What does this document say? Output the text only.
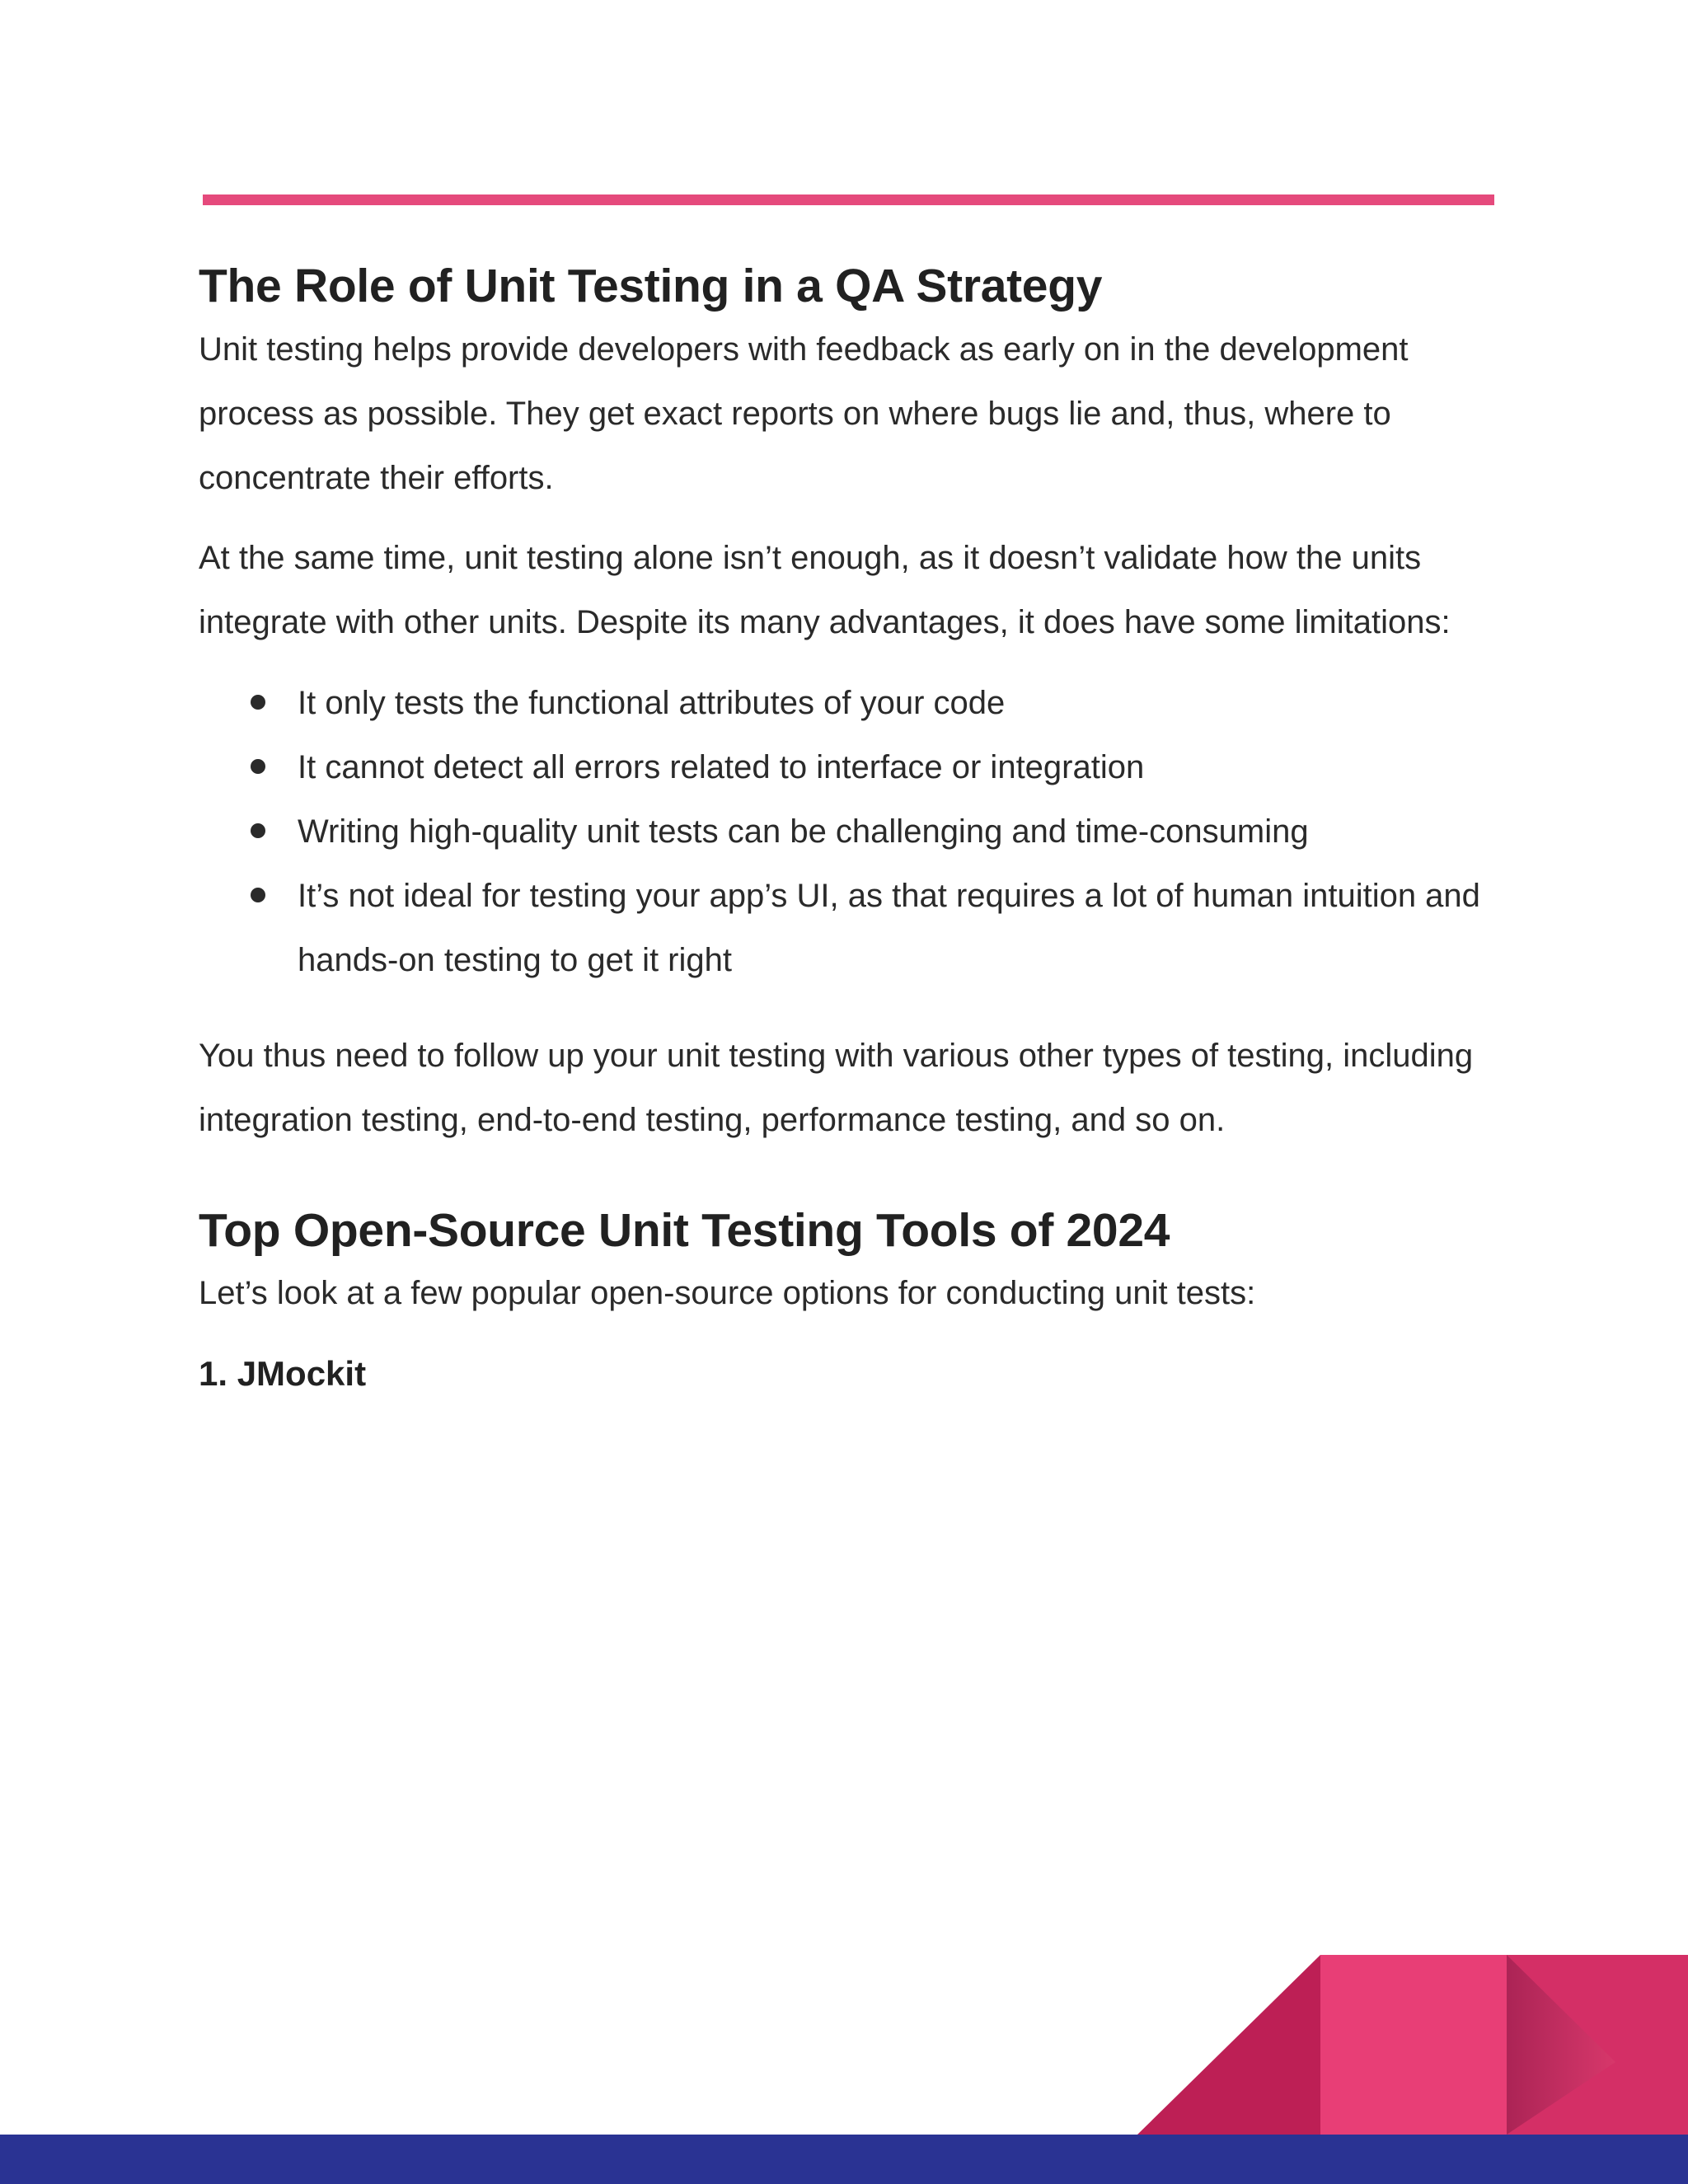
The Role of Unit Testing in a QA Strategy

Unit testing helps provide developers with feedback as early on in the development process as possible. They get exact reports on where bugs lie and, thus, where to concentrate their efforts.

At the same time, unit testing alone isn’t enough, as it doesn’t validate how the units integrate with other units. Despite its many advantages, it does have some limitations:

It only tests the functional attributes of your code
It cannot detect all errors related to interface or integration
Writing high-quality unit tests can be challenging and time-consuming
It’s not ideal for testing your app’s UI, as that requires a lot of human intuition and hands-on testing to get it right

You thus need to follow up your unit testing with various other types of testing, including integration testing, end-to-end testing, performance testing, and so on.

Top Open-Source Unit Testing Tools of 2024

Let’s look at a few popular open-source options for conducting unit tests:

1. JMockit
